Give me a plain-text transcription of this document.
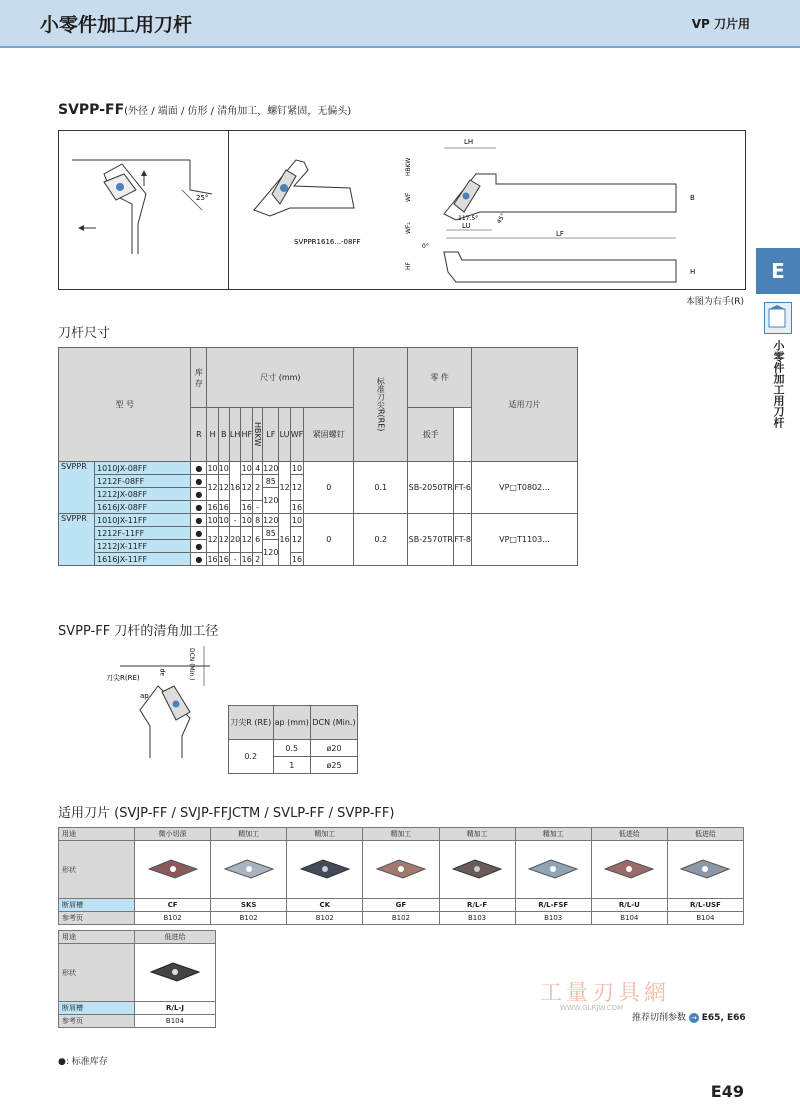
小零件加工用刀杆	VP 刀片用
E
小零件加工用刀杆
SVPP-FF(外径 / 端面 / 仿形 / 清角加工，螺钉紧固，无偏头)
25°
SVPPR1616...-08FF
LH
HBKW
WF
WF₂
117.5°	45°
LU
LF
B
0°
HF
H
本图为右手(R)
刀杆尺寸
型 号		库存	尺寸 (mm)									标准刀尖R(RE)	零 件		适用刀片
		R	H	B	LH	HF	HBKW	LF	LU	WF	紧固螺钉		扳手		
SVPPR	1010JX-08FF	●	10	10	16	10	4	120	12	10	0	0.1	SB-2050TR	FT-6	VP□T0802...
	1212F-08FF	●	12	12		12	2	85		12					
	1212JX-08FF	●						120							
	1616JX-08FF	●	16	16		16	-			16					
SVPPR	1010JX-11FF	●	10	10	-	10	8	120	16	10	0	0.2	SB-2570TR	FT-8	VP□T1103...
	1212F-11FF	●	12	12	20	12	6	85		12					
	1212JX-11FF	●						120							
	1616JX-11FF	●	16	16	-	16	2			16					
SVPP-FF 刀杆的清角加工径
DCN (Min.)
刀尖R(RE)
ap
ap
刀尖R (RE)	ap (mm)	DCN (Min.)
0.2	0.5	ø20
	1	ø25
适用刀片 (SVJP-FF / SVJP-FFJCTM / SVLP-FF / SVPP-FF)
用途	微小切深	精加工	精加工	精加工	精加工	精加工	低进给	低进给
形状								
断屑槽	CF	SKS	CK	GF	R/L-F	R/L-FSF	R/L-U	R/L-USF
参考页	B102	B102	B102	B102	B103	B103	B104	B104
用途	低进给
形状	
断屑槽	R/L-J
参考页	B104
工量刃具網
WWW.GLRJW.COM
推荐切削参数 → E65, E66
●: 标准库存
E49
